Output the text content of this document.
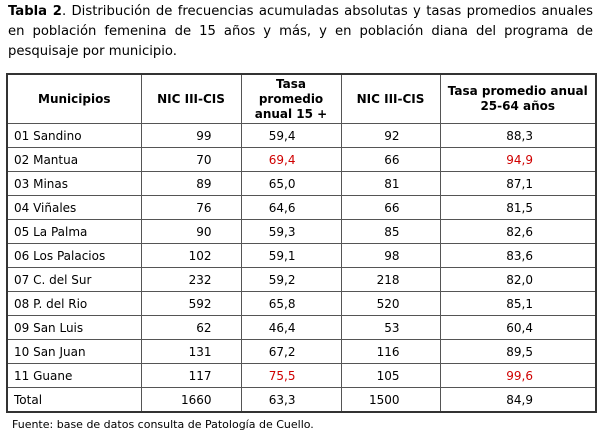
Tabla 2. Distribución de frecuencias acumuladas absolutas y tasas promedios anuales en población femenina de 15 años y más, y en población diana del programa de pesquisaje por municipio.
Municipios	NIC III-CIS	Tasa promedio anual 15 +	NIC III-CIS	Tasa promedio anual 25-64 años
01 Sandino	99	59,4	92	88,3
02 Mantua	70	69,4	66	94,9
03 Minas	89	65,0	81	87,1
04 Viñales	76	64,6	66	81,5
05 La Palma	90	59,3	85	82,6
06 Los Palacios	102	59,1	98	83,6
07 C. del Sur	232	59,2	218	82,0
08 P. del Rio	592	65,8	520	85,1
09 San Luis	62	46,4	53	60,4
10 San Juan	131	67,2	116	89,5
11 Guane	117	75,5	105	99,6
Total	1660	63,3	1500	84,9
Fuente: base de datos consulta de Patología de Cuello.
